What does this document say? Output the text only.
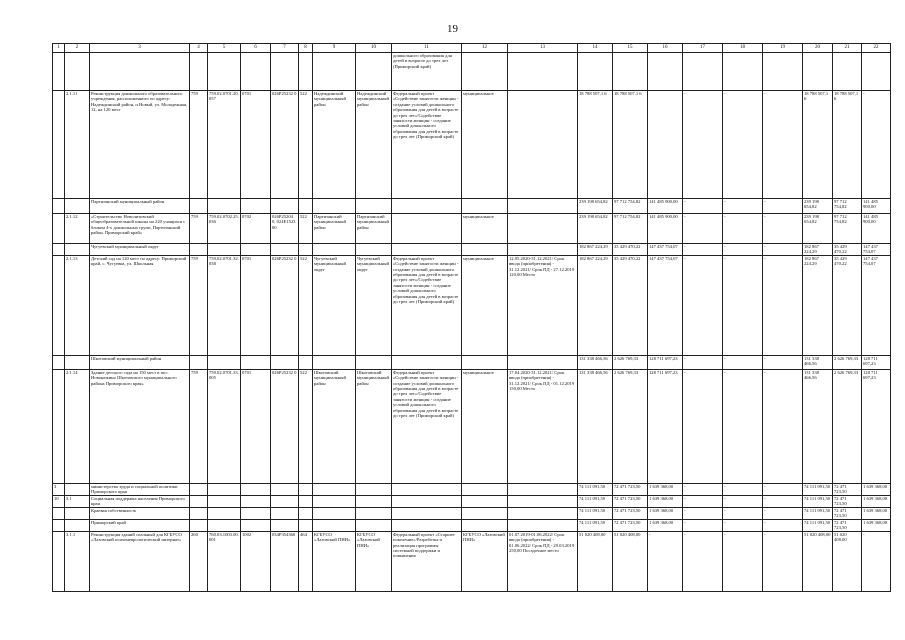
19
1	2	3	4	5	6	7	8	9	10	11	12	13	14	15	16	17	18	19	20	21	22
										дошкольного образования для детей в возрасте до трех лет (Приморский край)											
	2.1.11	Реконструкция дошкольного образовательного учреждения, расположенного по адресу: Надеждинский район, п.Новый, ул. Молодежная, 12, на 120 мест	759	759.02.0701.20.057	0701	026P25232 0	522	Надеждинский муниципальный район	Надеждинский муниципальный район	Федеральный проект «Содействие занятости женщин - создание условий дошкольного образования для детей в возрасте до трех лет»/Содействие занятости женщин - создание условий дошкольного образования для детей в возрасте до трех лет (Приморский край)	муниципальное		18 788 507,1 6	18 788 507,1 6		-	-	-	18 788 507,1 6	18 788 507,1 6	-
		Партизанский муниципальный район											239 198 654,82	97 712 754,82	141 485 900,00	-	-	-	239 198 654,82	97 712 754,82	141 485 900,00
	2.1.12	«Строительство Новолитовский общеобразовательной школы на 220 учащихся с блоком 4-х дошкольных групп, Партизанский район, Приморский край»	759	759.02.0702.25.036	0702	026P25204 0, 024E1523 00	522	Партизанский муниципальный район	Партизанский муниципальный район		муниципальное		239 198 654,82	97 712 754,82	141 485 900,00	-	-	-	239 198 654,82	97 712 754,82	141 485 900,00
		Чугуевский муниципальный округ											182 867 224,29	35 429 470,22	147 437 754,07	-	-	-	182 867 224,29	35 429 470,22	147 437 754,07
	2.1.13	Детский сад на 120 мест по адресу: Приморский край, с. Чугуевка, ул. Школьная	759	759.02.0701.32.038	0701	026P25232 0	522	Чугуевский муниципальный округ	Чугуевский муниципальный округ	Федеральный проект «Содействие занятости женщин - создание условий дошкольного образования для детей в возрасте до трех лет»/Содействие занятости женщин - создание условий дошкольного образования для детей в возрасте до трех лет (Приморский край)	муниципальное	12.05.2020-31.12.2021/ Срок ввода (приобретения) - 31.12.2021/ Срок ПД - 27.12.2019 120,00 Место	182 867 224,29	35 429 470,22	147 437 754,07	-	-	-	182 867 224,29	35 429 470,22	147 437 754,07
		Шкотовский муниципальный район											131 338 466,56	2 626 769,33	128 711 697,23	-	-	-	131 338 466,56	2 626 769,33	128 711 697,23
	2.1.14	Здание детского сада на 150 мест в пос. Новонежино Шкотовского муниципального района Приморского края»	759	759.02.0701.33.005	0701	026P25232 0	522	Шкотовский муниципальный район	Шкотовский муниципальный район	Федеральный проект «Содействие занятости женщин - создание условий дошкольного образования для детей в возрасте до трех лет»/Содействие занятости женщин - создание условий дошкольного образования для детей в возрасте до трех лет (Приморский край)	муниципальное	17.04.2020-31.12.2021/ Срок ввода (приобретения) - 31.12.2021/ Срок ПД - 01.12.2019 150,00 Место	131 338 466,56	2 626 769,33	128 711 697,23	-	-	-	131 338 466,56	2 626 769,33	128 711 697,23
3		министерство труда и социальной политики Приморского края											74 111 091,50	72 471 723,50	1 639 368,00	-	-	-	74 111 091,50	72 471 723,50	1 639 368,00
10	3.1	Социальная поддержка населения Приморского края											74 111 091,50	72 471 723,50	1 639 368,00	-	-	-	74 111 091,50	72 471 723,50	1 639 368,00
		Краевая собственность											74 111 091,50	72 471 723,50	1 639 368,00	-	-	-	74 111 091,50	72 471 723,50	1 639 368,00
		Приморский край											74 111 091,50	72 471 723,50	1 639 368,00	-	-	-	74 111 091,50	72 471 723,50	1 639 368,00
	3.1.1	Реконструкция зданий спальный для КГБУСО «Лазовский психоневрологический интернат»	260	760.03.1003.00.001	1002	034P354360	464	КГБУСО «Лазовский ПНИ»	КГБУСО «Лазовский ПНИ»	Федеральный проект «Старшее поколение»/Разработка и реализация программы системной поддержки и повышения	КГБУСО «Лазовский ПНИ»	01.07.2019-01.06.2022/ Срок ввода (приобретения) - 01.06.2022/ Срок ПД - 29.03.2019 250,00 Посадочное место	51 020 408,00	51 020 408,00	-	-	-	-	51 020 408,00	51 020 408,00	-
